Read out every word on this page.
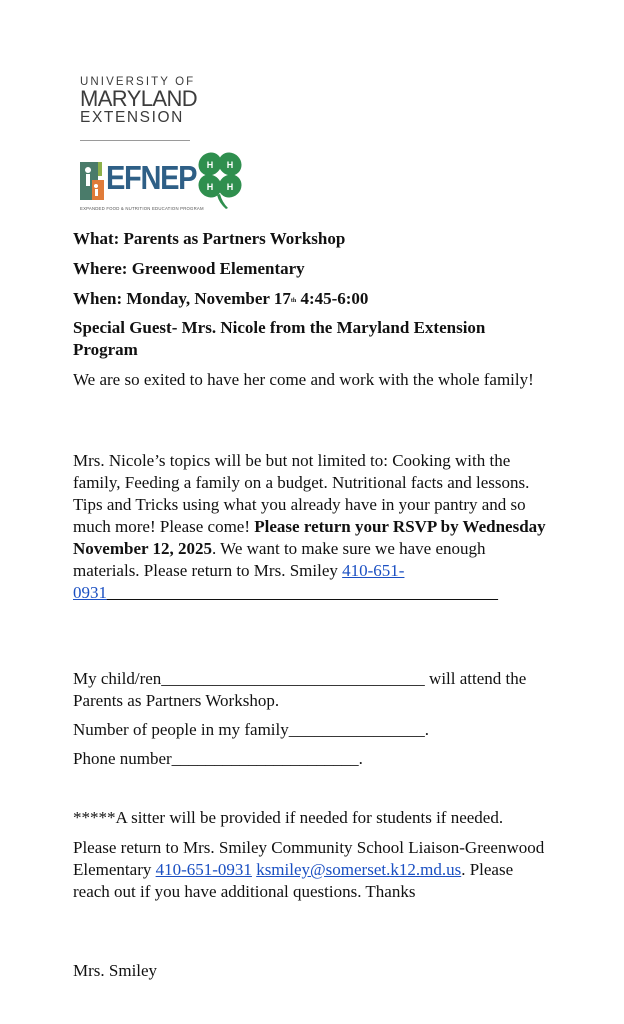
UNIVERSITY OF
MARYLAND
EXTENSION
EFNEP H H
H H
EXPANDED FOOD & NUTRITION EDUCATION PROGRAM

What: Parents as Partners Workshop

Where: Greenwood Elementary

When: Monday, November 17th 4:45-6:00

Special Guest- Mrs. Nicole from the Maryland Extension Program

We are so exited to have her come and work with the whole family!

Mrs. Nicole’s topics will be but not limited to: Cooking with the family, Feeding a family on a budget. Nutritional facts and lessons. Tips and Tricks using what you already have in your pantry and so much more! Please come! Please return your RSVP by Wednesday November 12, 2025. We want to make sure we have enough materials. Please return to Mrs. Smiley 410-651-0931______________________________________________

My child/ren_______________________________ will attend the Parents as Partners Workshop.

Number of people in my family________________.

Phone number______________________.

*****A sitter will be provided if needed for students if needed.

Please return to Mrs. Smiley Community School Liaison-Greenwood Elementary 410-651-0931 ksmiley@somerset.k12.md.us. Please reach out if you have additional questions. Thanks

Mrs. Smiley
